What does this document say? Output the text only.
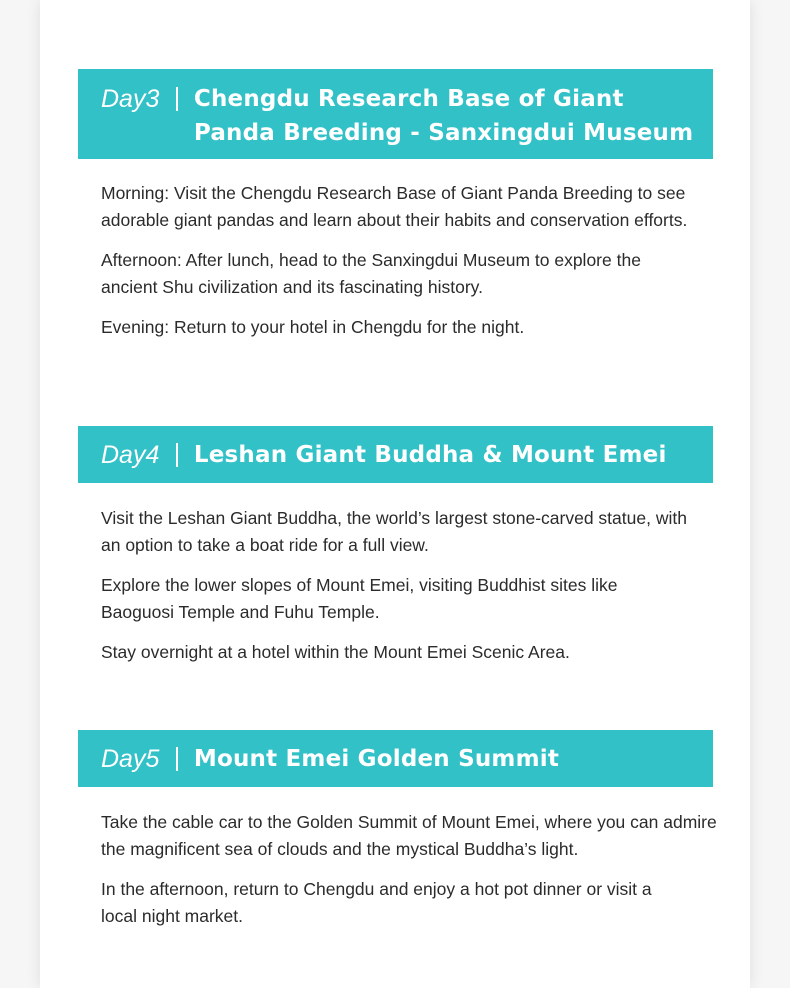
Day3 Chengdu Research Base of Giant Panda Breeding - Sanxingdui Museum

Morning: Visit the Chengdu Research Base of Giant Panda Breeding to see adorable giant pandas and learn about their habits and conservation efforts.

Afternoon: After lunch, head to the Sanxingdui Museum to explore the ancient Shu civilization and its fascinating history.

Evening: Return to your hotel in Chengdu for the night.

Day4 Leshan Giant Buddha & Mount Emei

Visit the Leshan Giant Buddha, the world’s largest stone-carved statue, with an option to take a boat ride for a full view.

Explore the lower slopes of Mount Emei, visiting Buddhist sites like Baoguosi Temple and Fuhu Temple.

Stay overnight at a hotel within the Mount Emei Scenic Area.

Day5 Mount Emei Golden Summit

Take the cable car to the Golden Summit of Mount Emei, where you can admire the magnificent sea of clouds and the mystical Buddha’s light.

In the afternoon, return to Chengdu and enjoy a hot pot dinner or visit a local night market.
